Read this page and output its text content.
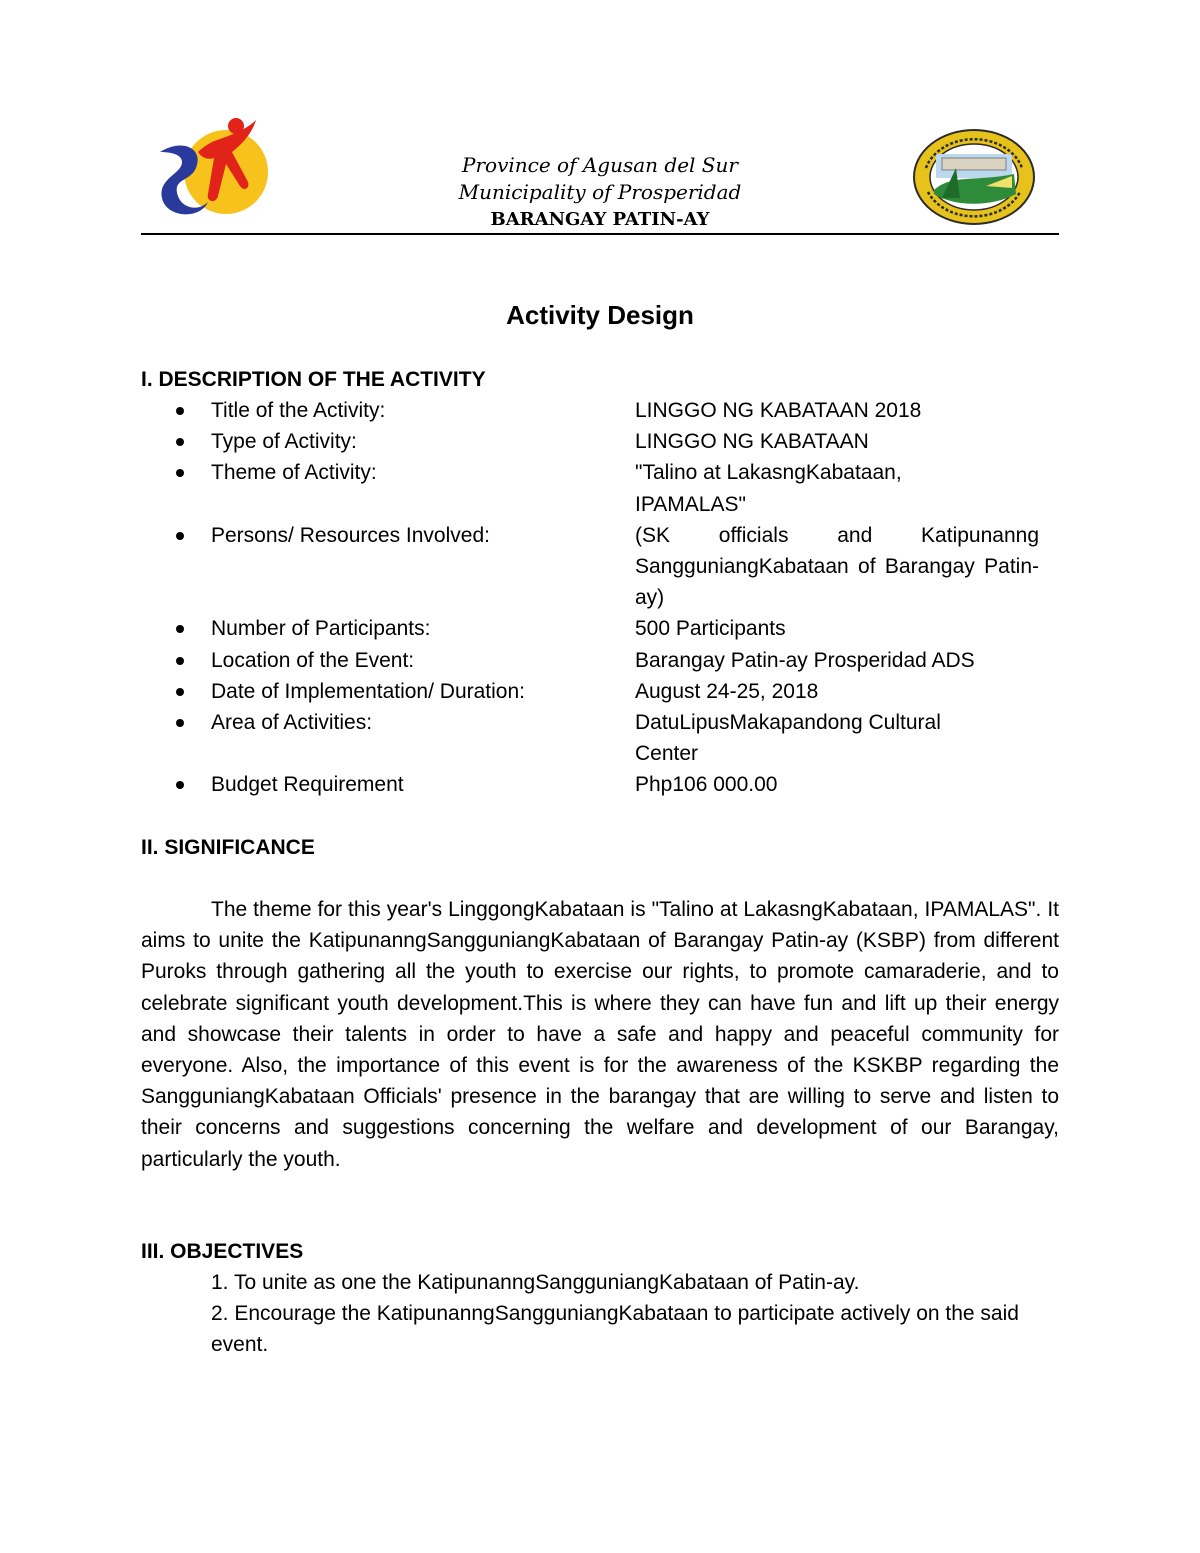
Province of Agusan del Sur
Municipality of Prosperidad
BARANGAY PATIN-AY
Activity Design
I. DESCRIPTION OF THE ACTIVITY
Title of the Activity:	LINGGO NG KABATAAN 2018
Type of Activity:	LINGGO NG KABATAAN
Theme of Activity:	"Talino at LakasngKabataan, IPAMALAS"
Persons/ Resources Involved:	(SK officials and Katipunanng SangguniangKabataan of Barangay Patin-ay)
Number of Participants:	500 Participants
Location of the Event:	Barangay Patin-ay Prosperidad ADS
Date of Implementation/ Duration:	August 24-25, 2018
Area of Activities:	DatuLipusMakapandong Cultural Center
Budget Requirement	Php106 000.00
II. SIGNIFICANCE

The theme for this year's LinggongKabataan is "Talino at LakasngKabataan, IPAMALAS". It aims to unite the KatipunanngSangguniangKabataan of Barangay Patin-ay (KSBP) from different Puroks through gathering all the youth to exercise our rights, to promote camaraderie, and to celebrate significant youth development.This is where they can have fun and lift up their energy and showcase their talents in order to have a safe and happy and peaceful community for everyone. Also, the importance of this event is for the awareness of the KSKBP regarding the SangguniangKabataan Officials' presence in the barangay that are willing to serve and listen to their concerns and suggestions concerning the welfare and development of our Barangay, particularly the youth.

III. OBJECTIVES
1. To unite as one the KatipunanngSangguniangKabataan of Patin-ay.
2. Encourage the KatipunanngSangguniangKabataan to participate actively on the said event.
